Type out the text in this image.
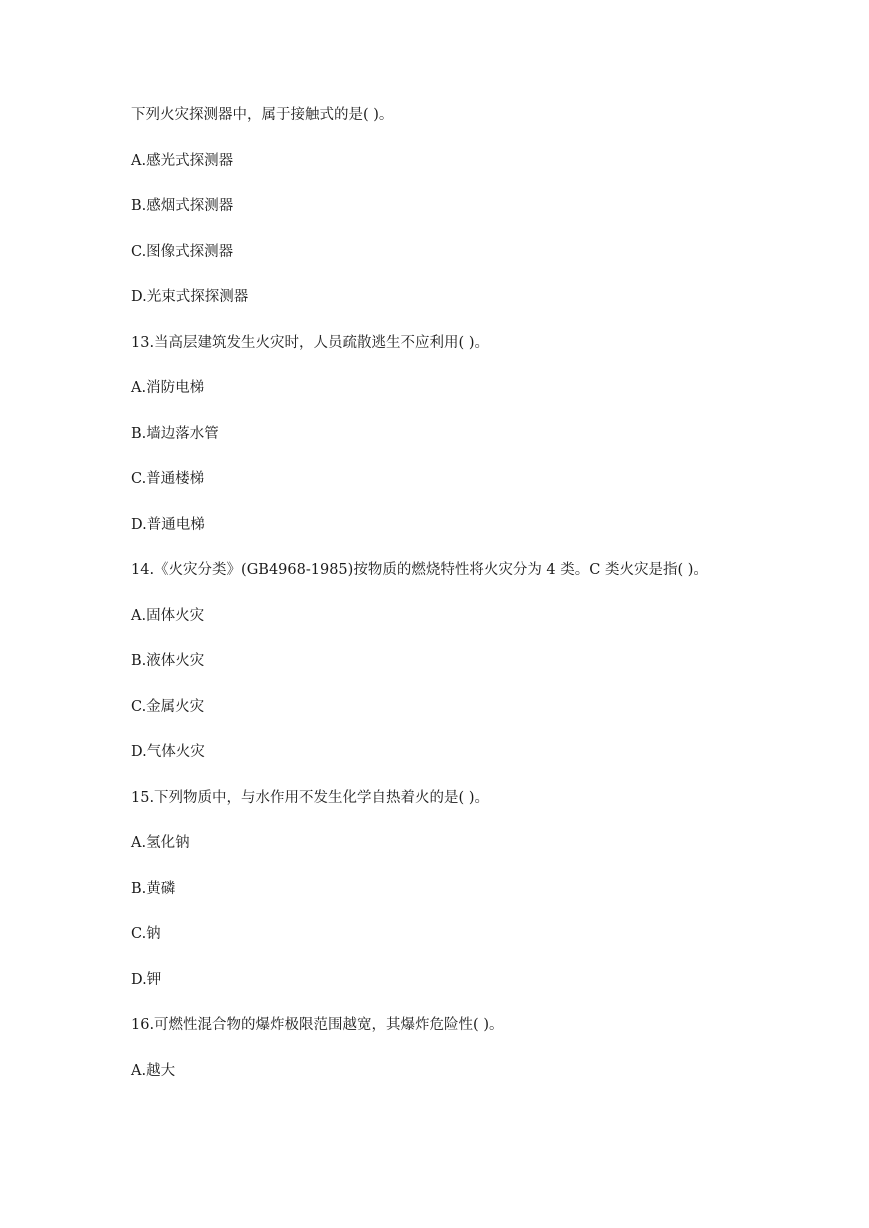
下列火灾探测器中，属于接触式的是( )。

A.感光式探测器

B.感烟式探测器

C.图像式探测器

D.光束式探探测器

13.当高层建筑发生火灾时，人员疏散逃生不应利用( )。

A.消防电梯

B.墙边落水管

C.普通楼梯

D.普通电梯

14.《火灾分类》(GB4968-1985)按物质的燃烧特性将火灾分为 4 类。C 类火灾是指( )。

A.固体火灾

B.液体火灾

C.金属火灾

D.气体火灾

15.下列物质中，与水作用不发生化学自热着火的是( )。

A.氢化钠

B.黄磷

C.钠

D.钾

16.可燃性混合物的爆炸极限范围越宽，其爆炸危险性( )。

A.越大
